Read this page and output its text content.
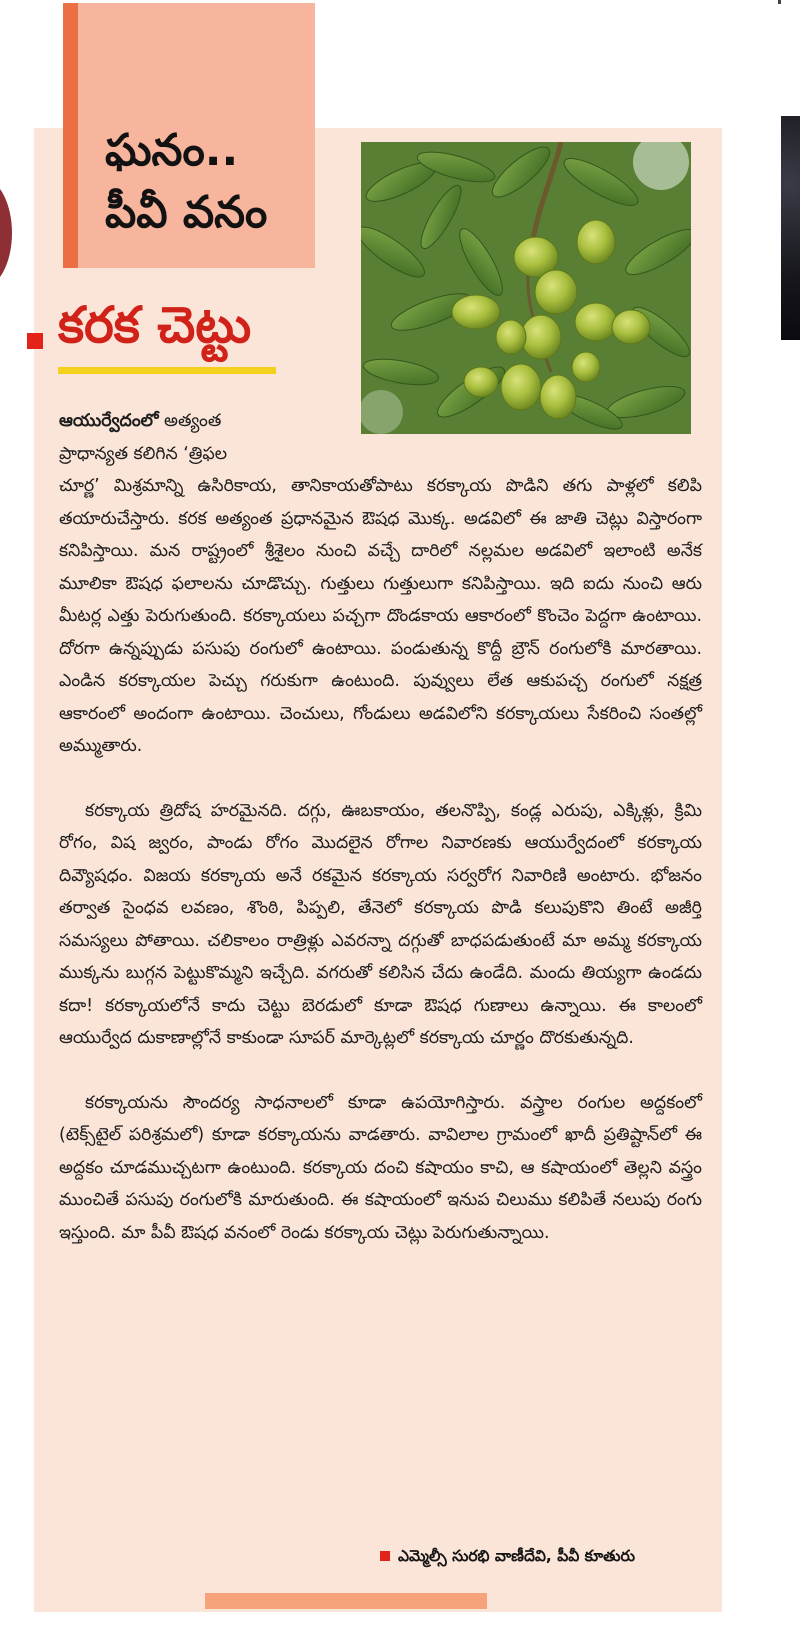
ఘనం..
పీవీ వనం
కరక చెట్టు

ఆయుర్వేదంలో అత్యంత
ప్రాధాన్యత కలిగిన ‘త్రిఫల
చూర్ణ’ మిశ్రమాన్ని ఉసిరికాయ, తానికాయతోపాటు కరక్కాయ పొడిని తగు పాళ్లలో కలిపి తయారుచేస్తారు. కరక అత్యంత ప్రధానమైన ఔషధ మొక్క. అడవిలో ఈ జాతి చెట్లు విస్తారంగా కనిపిస్తాయి. మన రాష్ట్రంలో శ్రీశైలం నుంచి వచ్చే దారిలో నల్లమల అడవిలో ఇలాంటి అనేక మూలికా ఔషధ ఫలాలను చూడొచ్చు. గుత్తులు గుత్తులుగా కనిపిస్తాయి. ఇది ఐదు నుంచి ఆరు మీటర్ల ఎత్తు పెరుగుతుంది. కరక్కాయలు పచ్చగా దొండకాయ ఆకారంలో కొంచెం పెద్దగా ఉంటాయి. దోరగా ఉన్నప్పుడు పసుపు రంగులో ఉంటాయి. పండుతున్న కొద్దీ బ్రౌన్ రంగులోకి మారతాయి. ఎండిన కరక్కాయల పెచ్చు గరుకుగా ఉంటుంది. పువ్వులు లేత ఆకుపచ్చ రంగులో నక్షత్ర ఆకారంలో అందంగా ఉంటాయి. చెంచులు, గోండులు అడవిలోని కరక్కాయలు సేకరించి సంతల్లో అమ్ముతారు.

కరక్కాయ త్రిదోష హరమైనది. దగ్గు, ఊబకాయం, తలనొప్పి, కండ్ల ఎరుపు, ఎక్కిళ్లు, క్రిమి రోగం, విష జ్వరం, పాండు రోగం మొదలైన రోగాల నివారణకు ఆయుర్వేదంలో కరక్కాయ దివ్యౌషధం. విజయ కరక్కాయ అనే రకమైన కరక్కాయ సర్వరోగ నివారిణి అంటారు. భోజనం తర్వాత సైంధవ లవణం, శొంఠి, పిప్పలి, తేనెలో కరక్కాయ పొడి కలుపుకొని తింటే అజీర్తి సమస్యలు పోతాయి. చలికాలం రాత్రిళ్లు ఎవరన్నా దగ్గుతో బాధపడుతుంటే మా అమ్మ కరక్కాయ ముక్కను బుగ్గన పెట్టుకొమ్మని ఇచ్చేది. వగరుతో కలిసిన చేదు ఉండేది. మందు తియ్యగా ఉండదు కదా! కరక్కాయలోనే కాదు చెట్టు బెరడులో కూడా ఔషధ గుణాలు ఉన్నాయి. ఈ కాలంలో ఆయుర్వేద దుకాణాల్లోనే కాకుండా సూపర్ మార్కెట్లలో కరక్కాయ చూర్ణం దొరకుతున్నది.

కరక్కాయను సౌందర్య సాధనాలలో కూడా ఉపయోగిస్తారు. వస్త్రాల రంగుల అద్దకంలో (టెక్స్‌టైల్ పరిశ్రమలో) కూడా కరక్కాయను వాడతారు. వావిలాల గ్రామంలో ఖాదీ ప్రతిష్టాన్‌లో ఈ అద్దకం చూడముచ్చటగా ఉంటుంది. కరక్కాయ దంచి కషాయం కాచి, ఆ కషాయంలో తెల్లని వస్త్రం ముంచితే పసుపు రంగులోకి మారుతుంది. ఈ కషాయంలో ఇనుప చిలుము కలిపితే నలుపు రంగు ఇస్తుంది. మా పీవీ ఔషధ వనంలో రెండు కరక్కాయ చెట్లు పెరుగుతున్నాయి.

ఎమ్మెల్సీ సురభి వాణీదేవి, పీవీ కూతురు
